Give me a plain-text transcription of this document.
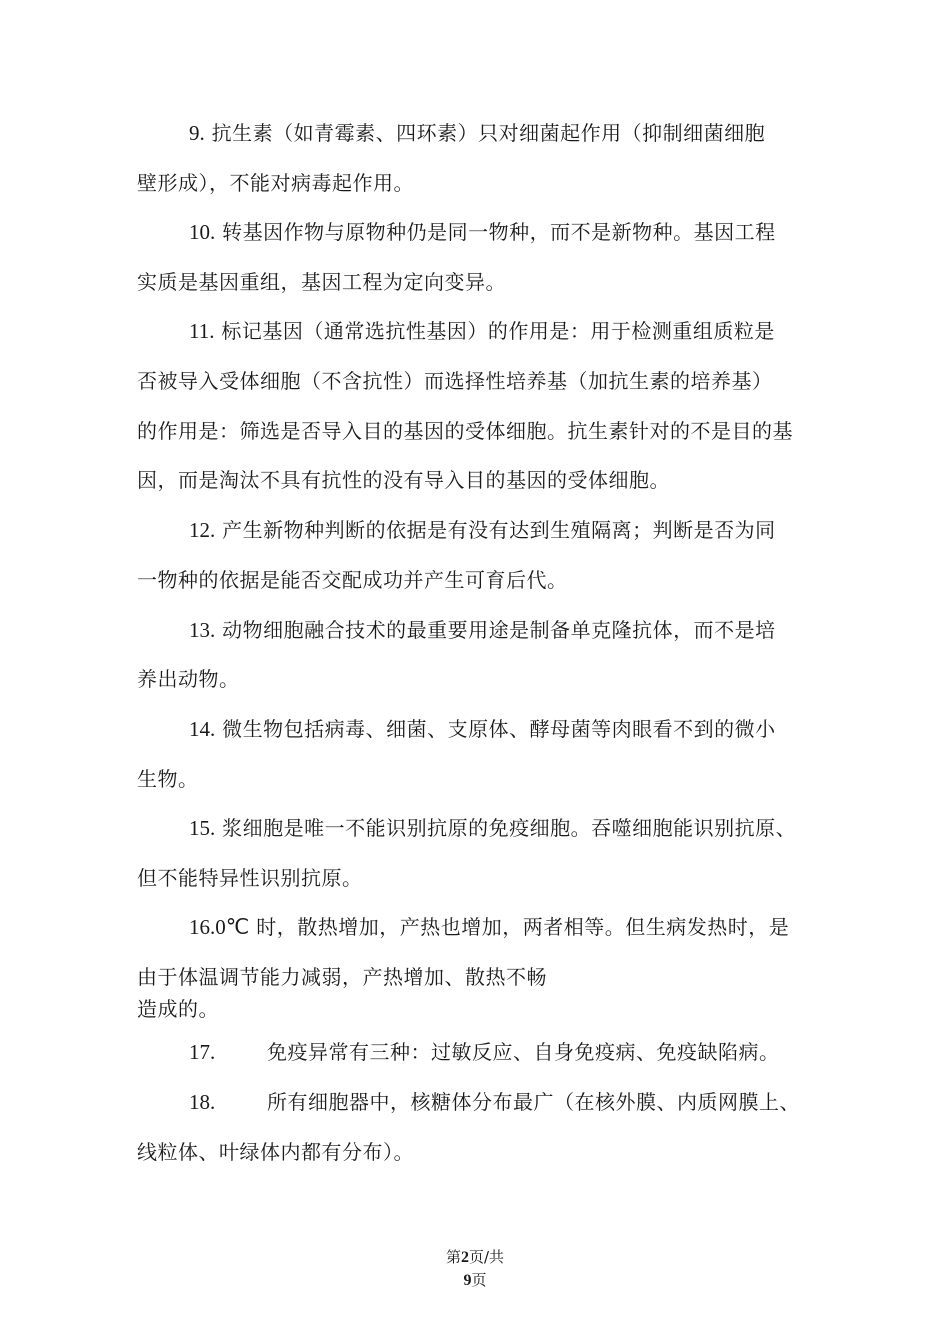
9. 抗生素（如青霉素、四环素）只对细菌起作用（抑制细菌细胞
壁形成），不能对病毒起作用。
10. 转基因作物与原物种仍是同一物种，而不是新物种。基因工程
实质是基因重组，基因工程为定向变异。
11. 标记基因（通常选抗性基因）的作用是：用于检测重组质粒是
否被导入受体细胞（不含抗性）而选择性培养基（加抗生素的培养基）
的作用是：筛选是否导入目的基因的受体细胞。抗生素针对的不是目的基
因，而是淘汰不具有抗性的没有导入目的基因的受体细胞。
12. 产生新物种判断的依据是有没有达到生殖隔离；判断是否为同
一物种的依据是能否交配成功并产生可育后代。
13. 动物细胞融合技术的最重要用途是制备单克隆抗体，而不是培
养出动物。
14. 微生物包括病毒、细菌、支原体、酵母菌等肉眼看不到的微小
生物。
15. 浆细胞是唯一不能识别抗原的免疫细胞。吞噬细胞能识别抗原、
但不能特异性识别抗原。
16.0℃ 时，散热增加，产热也增加，两者相等。但生病发热时，是
由于体温调节能力减弱，产热增加、散热不畅
造成的。
17.	免疫异常有三种：过敏反应、自身免疫病、免疫缺陷病。
18.	所有细胞器中，核糖体分布最广（在核外膜、内质网膜上、
线粒体、叶绿体内都有分布）。
第2页/共
9页
